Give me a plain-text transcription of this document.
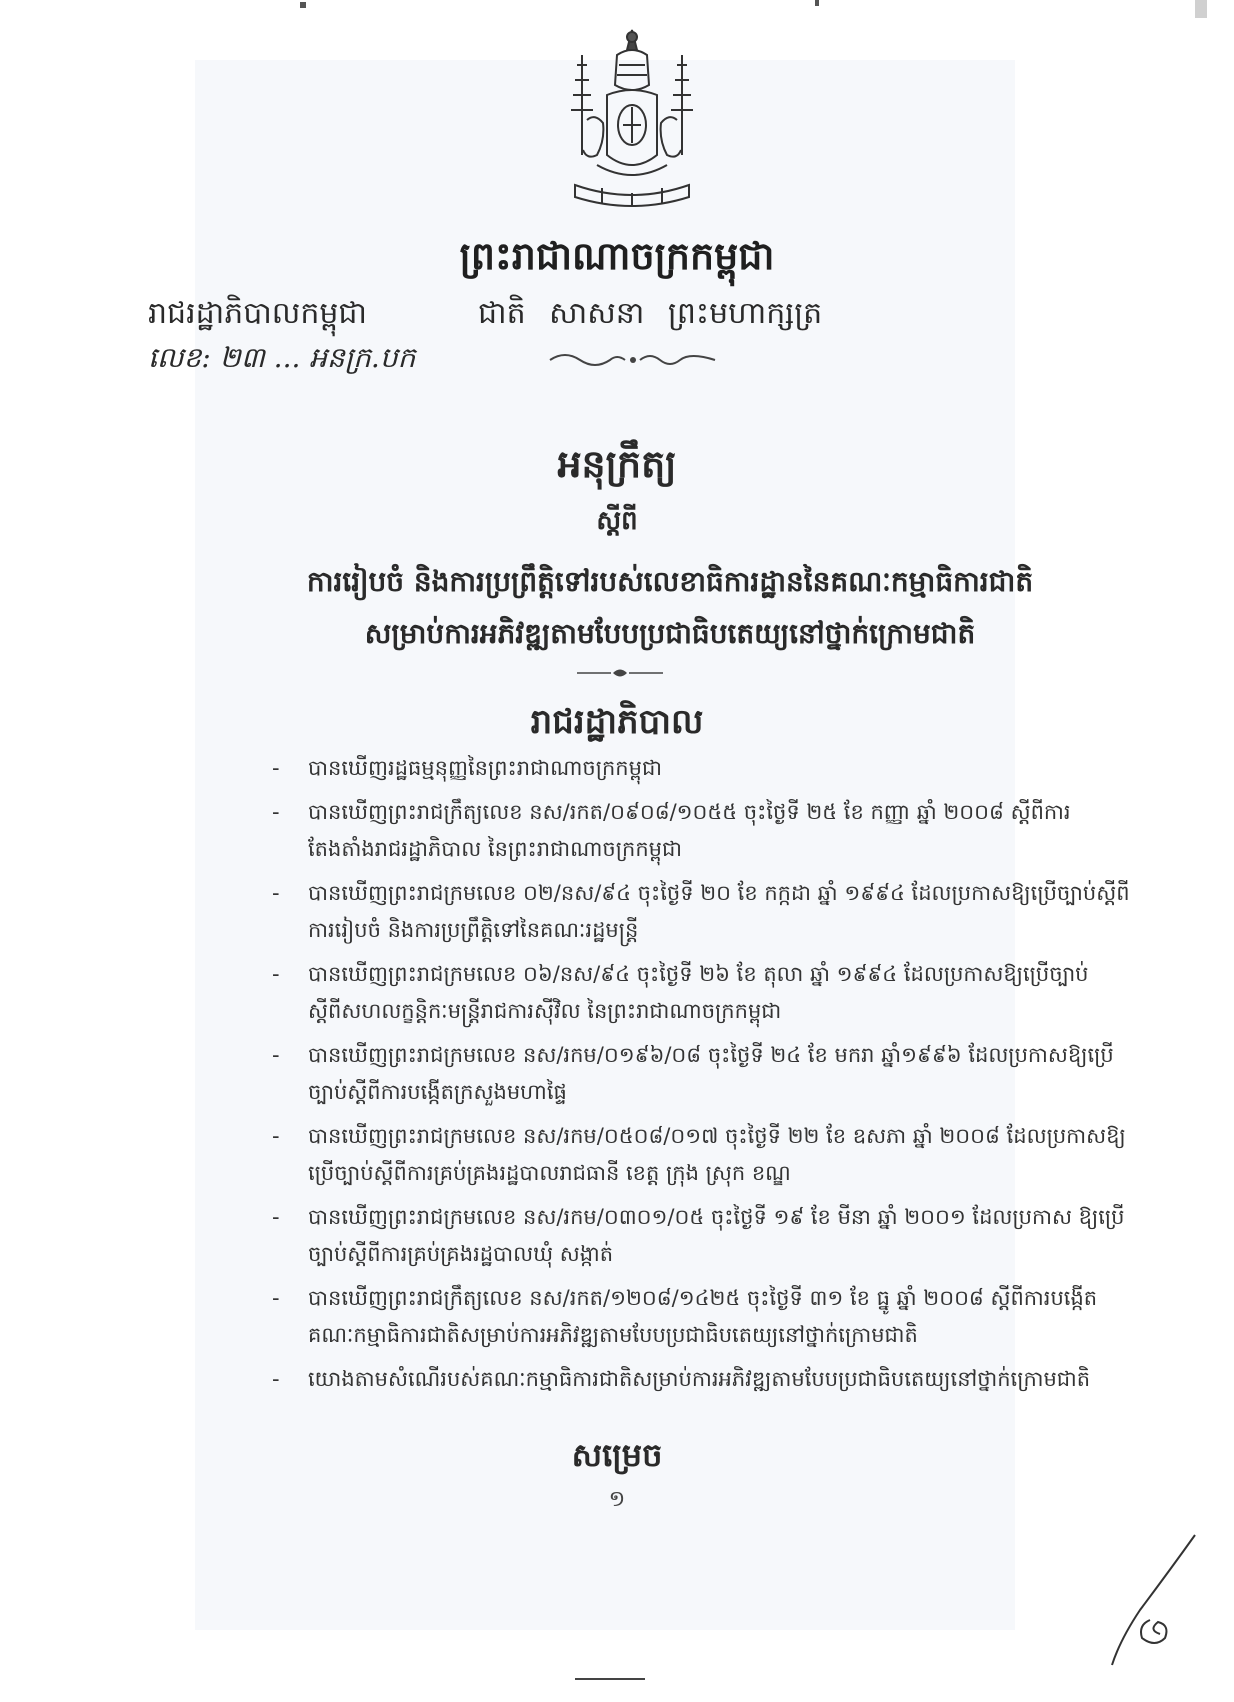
ព្រះរាជាណាចក្រកម្ពុជា
រាជរដ្ឋាភិបាលកម្ពុជា	ជាតិ សាសនា ព្រះមហាក្សត្រ
លេខ: ២៣ ... អនក្រ.បក
អនុក្រឹត្យ
ស្តីពី
ការរៀបចំ និងការប្រព្រឹត្តិទៅរបស់លេខាធិការដ្ឋាននៃគណៈកម្មាធិការជាតិ
សម្រាប់ការអភិវឌ្ឍតាមបែបប្រជាធិបតេយ្យនៅថ្នាក់ក្រោមជាតិ
រាជរដ្ឋាភិបាល
- បានឃើញរដ្ឋធម្មនុញ្ញនៃព្រះរាជាណាចក្រកម្ពុជា
- បានឃើញព្រះរាជក្រឹត្យលេខ នស/រកត/០៩០៨/១០៥៥ ចុះថ្ងៃទី ២៥ ខែ កញ្ញា ឆ្នាំ ២០០៨ ស្តីពីការតែងតាំងរាជរដ្ឋាភិបាល នៃព្រះរាជាណាចក្រកម្ពុជា
- បានឃើញព្រះរាជក្រមលេខ ០២/នស/៩៤ ចុះថ្ងៃទី ២០ ខែ កក្កដា ឆ្នាំ ១៩៩៤ ដែលប្រកាសឱ្យប្រើច្បាប់ស្តីពីការរៀបចំ និងការប្រព្រឹត្តិទៅនៃគណៈរដ្ឋមន្ត្រី
- បានឃើញព្រះរាជក្រមលេខ ០៦/នស/៩៤ ចុះថ្ងៃទី ២៦ ខែ តុលា ឆ្នាំ ១៩៩៤ ដែលប្រកាសឱ្យប្រើច្បាប់ ស្តីពីសហលក្ខន្តិកៈមន្ត្រីរាជការស៊ីវិល នៃព្រះរាជាណាចក្រកម្ពុជា
- បានឃើញព្រះរាជក្រមលេខ នស/រកម/០១៩៦/០៨ ចុះថ្ងៃទី ២៤ ខែ មករា ឆ្នាំ១៩៩៦ ដែលប្រកាសឱ្យប្រើច្បាប់ស្តីពីការបង្កើតក្រសួងមហាផ្ទៃ
- បានឃើញព្រះរាជក្រមលេខ នស/រកម/០៥០៨/០១៧ ចុះថ្ងៃទី ២២ ខែ ឧសភា ឆ្នាំ ២០០៨ ដែលប្រកាសឱ្យប្រើច្បាប់ស្តីពីការគ្រប់គ្រងរដ្ឋបាលរាជធានី ខេត្ត ក្រុង ស្រុក ខណ្ឌ
- បានឃើញព្រះរាជក្រមលេខ នស/រកម/០៣០១/០៥ ចុះថ្ងៃទី ១៩ ខែ មីនា ឆ្នាំ ២០០១ ដែលប្រកាស ឱ្យប្រើច្បាប់ស្តីពីការគ្រប់គ្រងរដ្ឋបាលឃុំ សង្កាត់
- បានឃើញព្រះរាជក្រឹត្យលេខ នស/រកត/១២០៨/១៤២៥ ចុះថ្ងៃទី ៣១ ខែ ធ្នូ ឆ្នាំ ២០០៨ ស្តីពីការបង្កើតគណៈកម្មាធិការជាតិសម្រាប់ការអភិវឌ្ឍតាមបែបប្រជាធិបតេយ្យនៅថ្នាក់ក្រោមជាតិ
- យោងតាមសំណើរបស់គណៈកម្មាធិការជាតិសម្រាប់ការអភិវឌ្ឍតាមបែបប្រជាធិបតេយ្យនៅថ្នាក់ក្រោមជាតិ
សម្រេច
១
